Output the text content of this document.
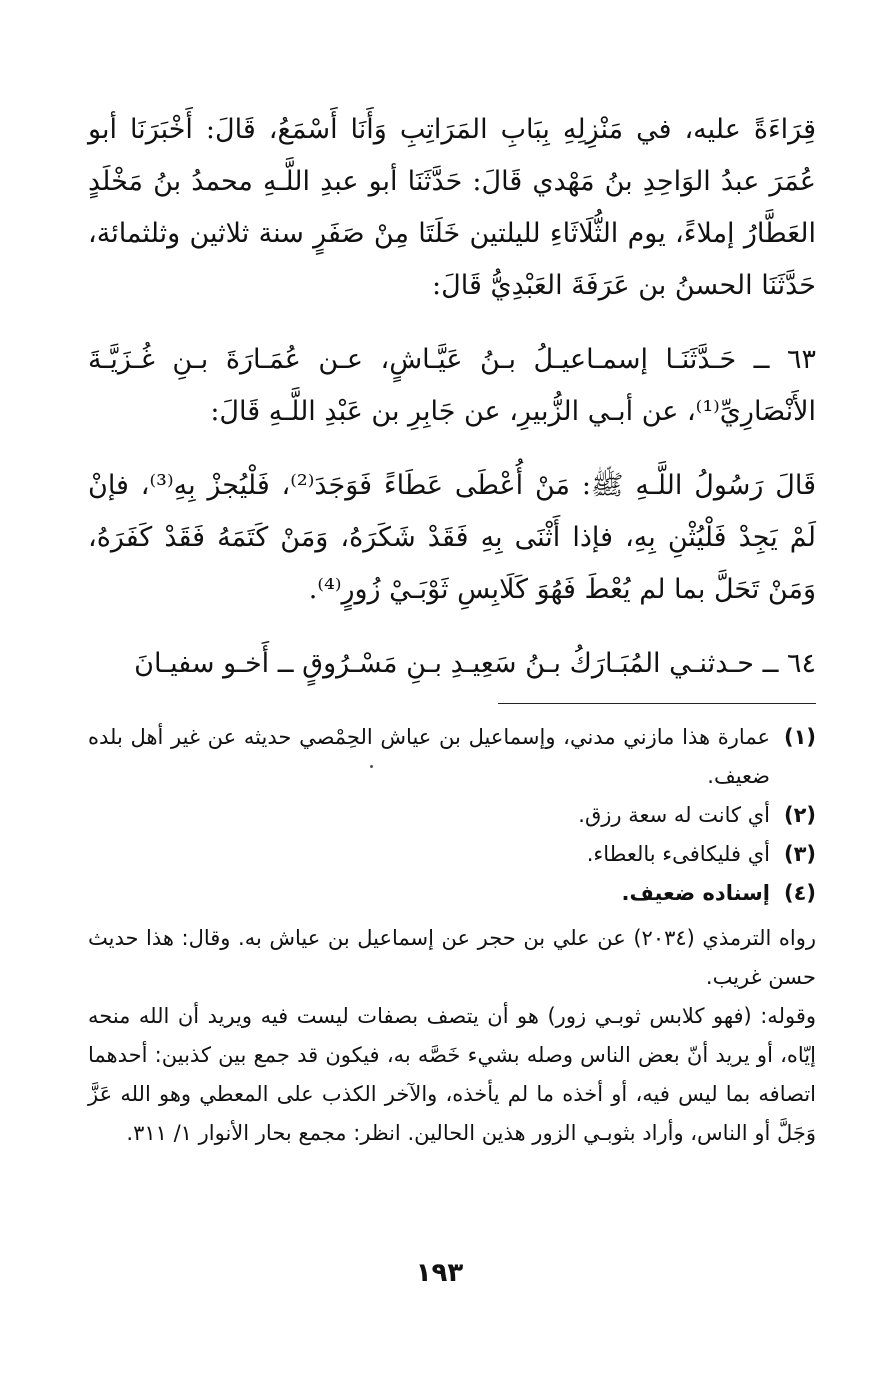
قِرَاءَةً عليه، في مَنْزِلِهِ بِبَابِ المَرَاتِبِ وَأَنَا أَسْمَعُ، قَالَ: أَخْبَرَنَا أبو عُمَرَ عبدُ الوَاحِدِ بنُ مَهْدي قَالَ: حَدَّثَنَا أبو عبدِ اللَّـهِ محمدُ بنُ مَخْلَدٍ العَطَّارُ إملاءً، يوم الثُّلَاثَاءِ لليلتين خَلَتَا مِنْ صَفَرٍ سنة ثلاثين وثلثمائة، حَدَّثَنَا الحسنُ بن عَرَفَةَ العَبْدِيُّ قَالَ:

٦٣ ــ حَـدَّثَنَـا إسمـاعيـلُ بـنُ عَيَّـاشٍ، عـن عُمَـارَةَ بـنِ غُـزَيَّـةَ الأَنْصَارِيِّ⁽¹⁾، عن أبـي الزُّبيرِ، عن جَابِرِ بن عَبْدِ اللَّـهِ قَالَ:

قَالَ رَسُولُ اللَّـهِ ﷺ: مَنْ أُعْطَى عَطَاءً فَوَجَدَ⁽²⁾، فَلْيُجزْ بِهِ⁽³⁾، فإنْ لَمْ يَجِدْ فَلْيُثْنِ بِهِ، فإذا أَثْنَى بِهِ فَقَدْ شَكَرَهُ، وَمَنْ كَتَمَهُ فَقَدْ كَفَرَهُ، وَمَنْ تَحَلَّ بما لم يُعْطَ فَهُوَ كَلَابِسِ ثَوْبَـيْ زُورٍ⁽⁴⁾.

٦٤ ــ حـدثنـي المُبَـارَكُ بـنُ سَعِيـدِ بـنِ مَسْـرُوقٍ ــ أَخـو سفيـانَ

(١)
عمارة هذا مازني مدني، وإسماعيل بن عياش الحِمْصي حديثه عن غير أهل بلده ضعيف.
(٢)
أي كانت له سعة رزق.
(٣)
أي فليكافىء بالعطاء.
(٤)
إسناده ضعيف.

رواه الترمذي (٢٠٣٤) عن علي بن حجر عن إسماعيل بن عياش به. وقال: هذا حديث حسن غريب.

وقوله: (فهو كلابس ثوبـي زور) هو أن يتصف بصفات ليست فيه ويريد أن الله منحه إيّاه، أو يريد أنّ بعض الناس وصله بشيء خَصَّه به، فيكون قد جمع بين كذبين: أحدهما اتصافه بما ليس فيه، أو أخذه ما لم يأخذه، والآخر الكذب على المعطي وهو الله عَزَّ وَجَلَّ أو الناس، وأراد بثوبـي الزور هذين الحالين. انظر: مجمع بحار الأنوار ١/ ٣١١.

١٩٣
